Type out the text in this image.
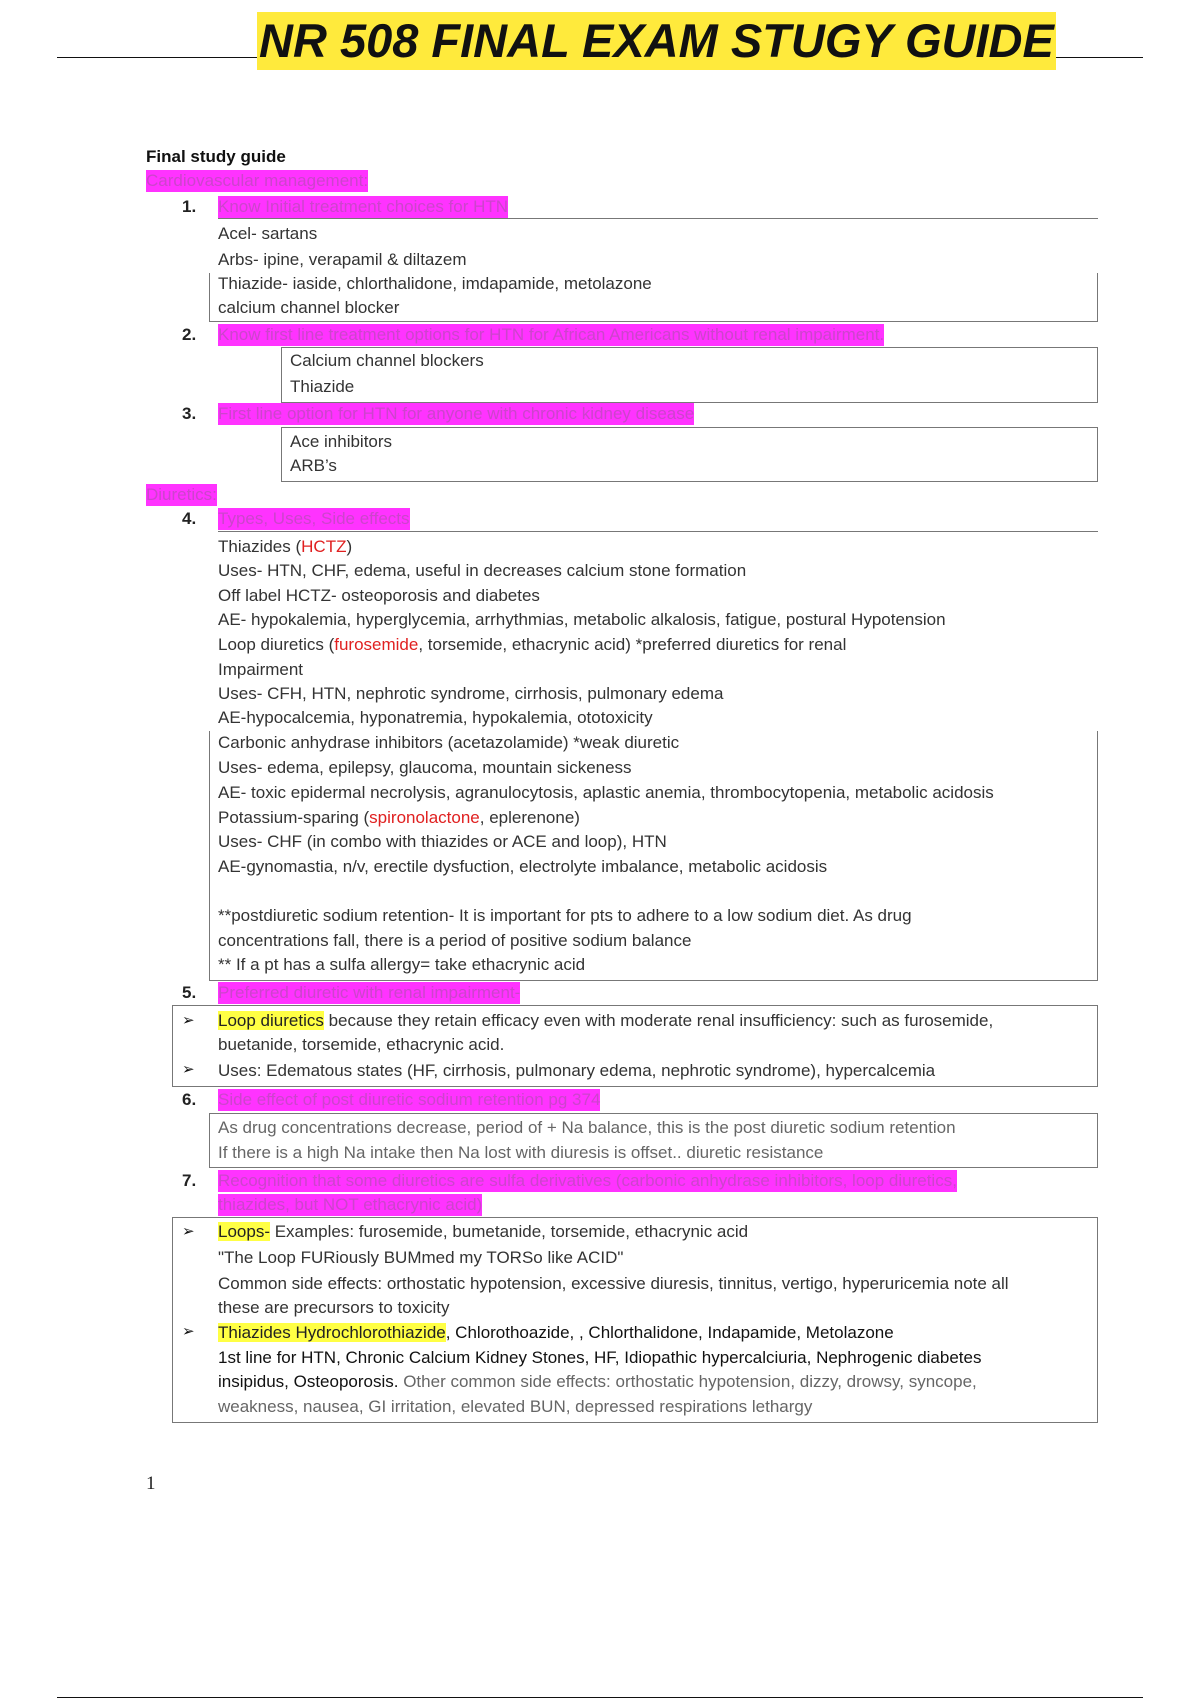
NR 508 FINAL EXAM STUGY GUIDE
Final study guide
Cardiovascular management:
1. Know Initial treatment choices for HTN
Acel- sartans
Arbs- ipine, verapamil & diltazem
Thiazide- iaside, chlorthalidone, imdapamide, metolazone
calcium channel blocker
2. Know first line treatment options for HTN for African Americans without renal impairment.
Calcium channel blockers
Thiazide
3. First line option for HTN for anyone with chronic kidney disease
Ace inhibitors
ARB’s
Diuretics:
4. Types, Uses, Side effects
Thiazides (HCTZ)
Uses- HTN, CHF, edema, useful in decreases calcium stone formation
Off label HCTZ- osteoporosis and diabetes
AE- hypokalemia, hyperglycemia, arrhythmias, metabolic alkalosis, fatigue, postural Hypotension
Loop diuretics (furosemide, torsemide, ethacrynic acid) *preferred diuretics for renal
Impairment
Uses- CFH, HTN, nephrotic syndrome, cirrhosis, pulmonary edema
AE-hypocalcemia, hyponatremia, hypokalemia, ototoxicity
Carbonic anhydrase inhibitors (acetazolamide) *weak diuretic
Uses- edema, epilepsy, glaucoma, mountain sickeness
AE- toxic epidermal necrolysis, agranulocytosis, aplastic anemia, thrombocytopenia, metabolic acidosis
Potassium-sparing (spironolactone, eplerenone)
Uses- CHF (in combo with thiazides or ACE and loop), HTN
AE-gynomastia, n/v, erectile dysfuction, electrolyte imbalance, metabolic acidosis
**postdiuretic sodium retention- It is important for pts to adhere to a low sodium diet. As drug
concentrations fall, there is a period of positive sodium balance
** If a pt has a sulfa allergy= take ethacrynic acid
5. Preferred diuretic with renal impairment-
➢ Loop diuretics because they retain efficacy even with moderate renal insufficiency: such as furosemide,
buetanide, torsemide, ethacrynic acid.
➢ Uses: Edematous states (HF, cirrhosis, pulmonary edema, nephrotic syndrome), hypercalcemia
6. Side effect of post diuretic sodium retention pg 374
As drug concentrations decrease, period of + Na balance, this is the post diuretic sodium retention
If there is a high Na intake then Na lost with diuresis is offset.. diuretic resistance
7. Recognition that some diuretics are sulfa derivatives (carbonic anhydrase inhibitors, loop diuretics,
thiazides, but NOT ethacrynic acid)
➢ Loops- Examples: furosemide, bumetanide, torsemide, ethacrynic acid
"The Loop FURiously BUMmed my TORSo like ACID"
Common side effects: orthostatic hypotension, excessive diuresis, tinnitus, vertigo, hyperuricemia note all
these are precursors to toxicity
➢ Thiazides Hydrochlorothiazide, Chlorothoazide, , Chlorthalidone, Indapamide, Metolazone
1st line for HTN, Chronic Calcium Kidney Stones, HF, Idiopathic hypercalciuria, Nephrogenic diabetes
insipidus, Osteoporosis. Other common side effects: orthostatic hypotension, dizzy, drowsy, syncope,
weakness, nausea, GI irritation, elevated BUN, depressed respirations lethargy
1
